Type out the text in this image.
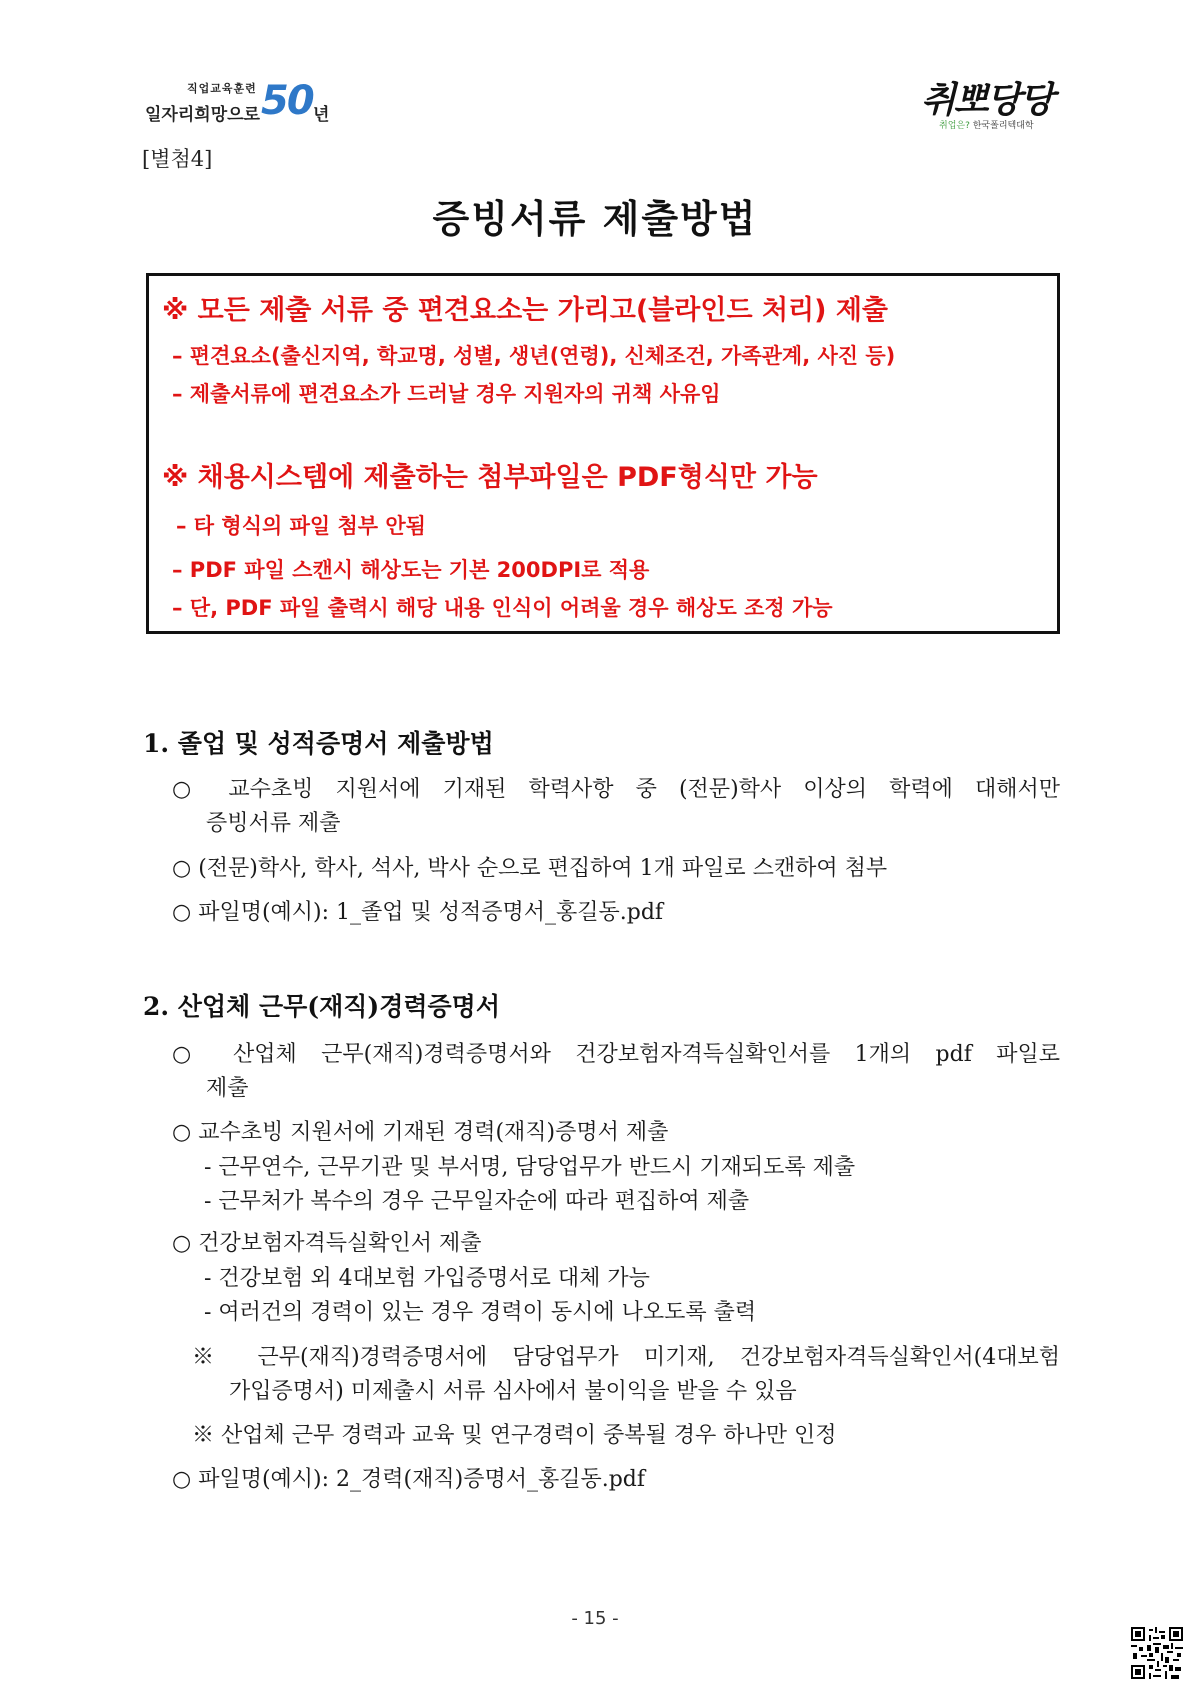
직업교육훈련
일자리희망으로 50 년	취뽀당당
취업은? 한국폴리텍대학
[별첨4]
증빙서류 제출방법
※ 모든 제출 서류 중 편견요소는 가리고(블라인드 처리) 제출
– 편견요소(출신지역, 학교명, 성별, 생년(연령), 신체조건, 가족관계, 사진 등)
– 제출서류에 편견요소가 드러날 경우 지원자의 귀책 사유임
※ 채용시스템에 제출하는 첨부파일은 PDF형식만 가능
– 타 형식의 파일 첨부 안됨
– PDF 파일 스캔시 해상도는 기본 200DPI로 적용
– 단, PDF 파일 출력시 해당 내용 인식이 어려울 경우 해상도 조정 가능
1. 졸업 및 성적증명서 제출방법
○ 교수초빙 지원서에 기재된 학력사항 중 (전문)학사 이상의 학력에 대해서만
증빙서류 제출
○ (전문)학사, 학사, 석사, 박사 순으로 편집하여 1개 파일로 스캔하여 첨부
○ 파일명(예시): 1_졸업 및 성적증명서_홍길동.pdf
2. 산업체 근무(재직)경력증명서
○ 산업체 근무(재직)경력증명서와 건강보험자격득실확인서를 1개의 pdf 파일로
제출
○ 교수초빙 지원서에 기재된 경력(재직)증명서 제출
- 근무연수, 근무기관 및 부서명, 담당업무가 반드시 기재되도록 제출
- 근무처가 복수의 경우 근무일자순에 따라 편집하여 제출
○ 건강보험자격득실확인서 제출
- 건강보험 외 4대보험 가입증명서로 대체 가능
- 여러건의 경력이 있는 경우 경력이 동시에 나오도록 출력
※ 근무(재직)경력증명서에 담당업무가 미기재, 건강보험자격득실확인서(4대보험
가입증명서) 미제출시 서류 심사에서 불이익을 받을 수 있음
※ 산업체 근무 경력과 교육 및 연구경력이 중복될 경우 하나만 인정
○ 파일명(예시): 2_경력(재직)증명서_홍길동.pdf
- 15 -
